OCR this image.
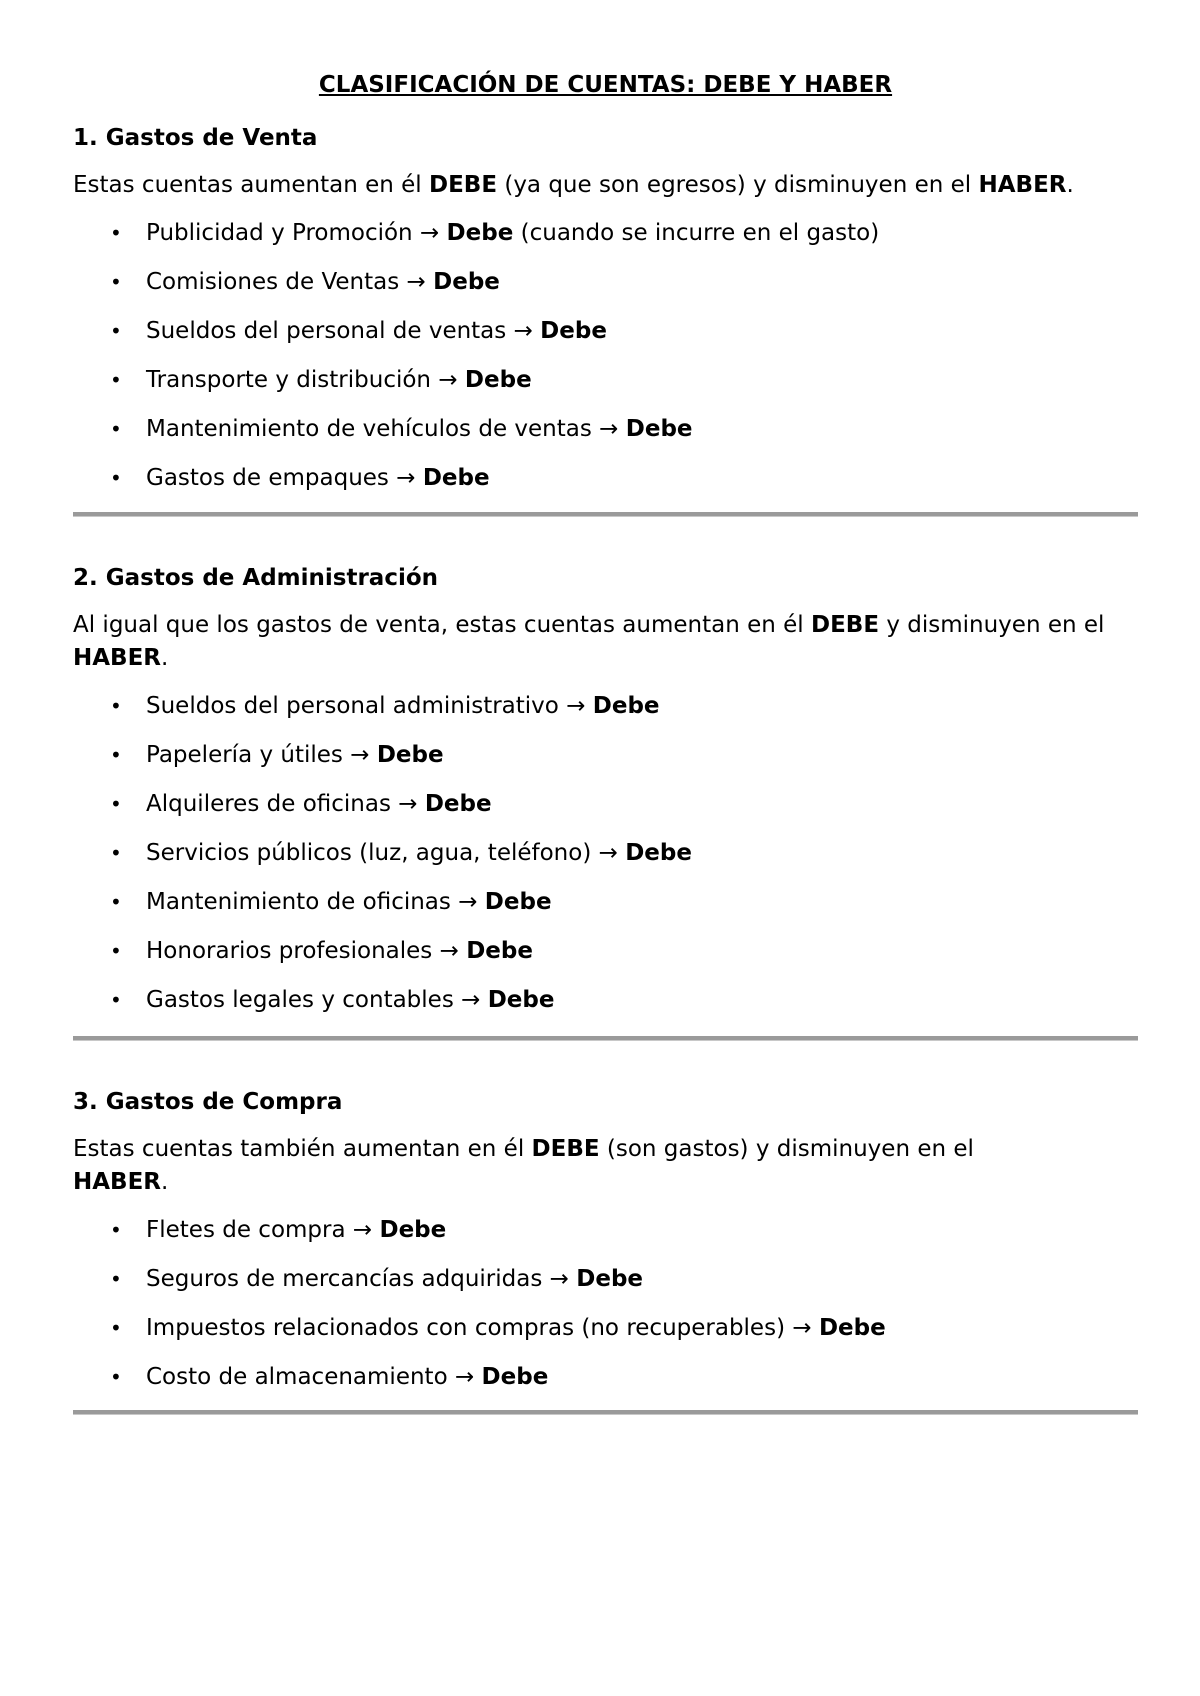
CLASIFICACIÓN DE CUENTAS: DEBE Y HABER
1. Gastos de Venta

Estas cuentas aumentan en él DEBE (ya que son egresos) y disminuyen en el HABER.

• Publicidad y Promoción → Debe (cuando se incurre en el gasto)
• Comisiones de Ventas → Debe
• Sueldos del personal de ventas → Debe
• Transporte y distribución → Debe
• Mantenimiento de vehículos de ventas → Debe
• Gastos de empaques → Debe
2. Gastos de Administración

Al igual que los gastos de venta, estas cuentas aumentan en él DEBE y disminuyen en el HABER.

• Sueldos del personal administrativo → Debe
• Papelería y útiles → Debe
• Alquileres de oficinas → Debe
• Servicios públicos (luz, agua, teléfono) → Debe
• Mantenimiento de oficinas → Debe
• Honorarios profesionales → Debe
• Gastos legales y contables → Debe
3. Gastos de Compra

Estas cuentas también aumentan en él DEBE (son gastos) y disminuyen en el
HABER.

• Fletes de compra → Debe
• Seguros de mercancías adquiridas → Debe
• Impuestos relacionados con compras (no recuperables) → Debe
• Costo de almacenamiento → Debe
